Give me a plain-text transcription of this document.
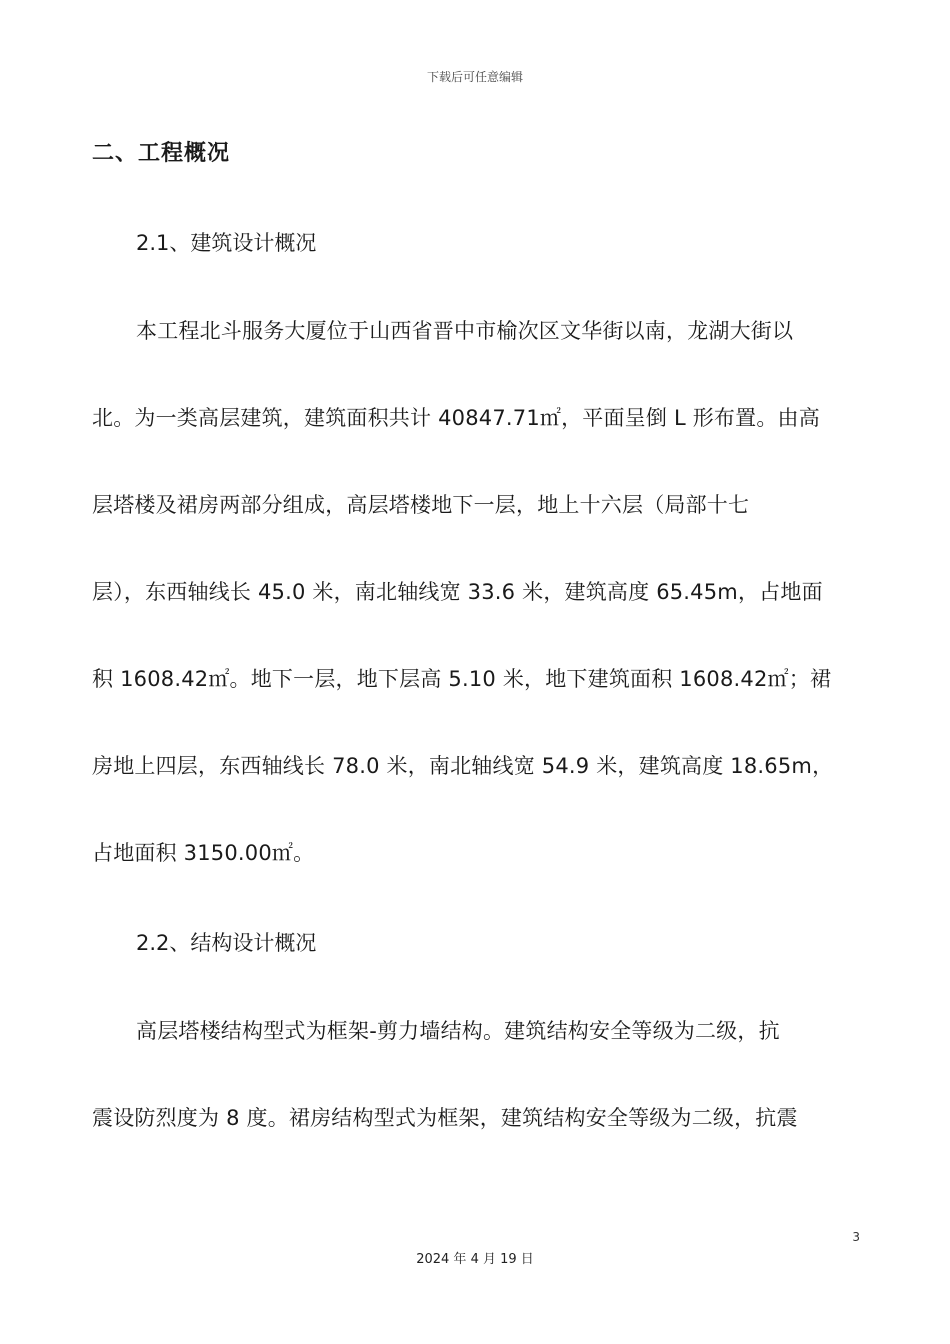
下载后可任意编辑
二、工程概况
2.1、建筑设计概况
本工程北斗服务大厦位于山西省晋中市榆次区文华街以南，龙湖大街以
北。为一类高层建筑，建筑面积共计 40847.71㎡，平面呈倒 L 形布置。由高
层塔楼及裙房两部分组成，高层塔楼地下一层，地上十六层（局部十七
层），东西轴线长 45.0 米，南北轴线宽 33.6 米，建筑高度 65.45m，占地面
积 1608.42㎡。地下一层，地下层高 5.10 米，地下建筑面积 1608.42㎡；裙
房地上四层，东西轴线长 78.0 米，南北轴线宽 54.9 米，建筑高度 18.65m，
占地面积 3150.00㎡。
2.2、结构设计概况
高层塔楼结构型式为框架-剪力墙结构。建筑结构安全等级为二级，抗
震设防烈度为 8 度。裙房结构型式为框架，建筑结构安全等级为二级，抗震
3
2024 年 4 月 19 日
